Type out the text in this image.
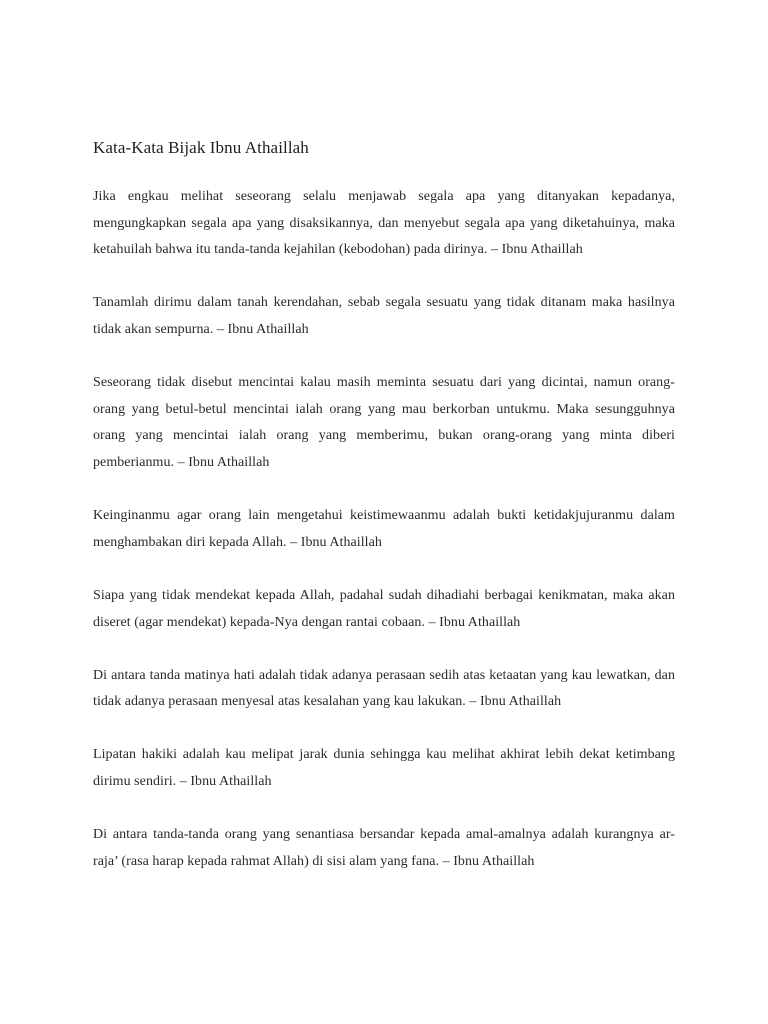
Kata-Kata Bijak Ibnu Athaillah

Jika engkau melihat seseorang selalu menjawab segala apa yang ditanyakan kepadanya, mengungkapkan segala apa yang disaksikannya, dan menyebut segala apa yang diketahuinya, maka ketahuilah bahwa itu tanda-tanda kejahilan (kebodohan) pada dirinya. – Ibnu Athaillah

Tanamlah dirimu dalam tanah kerendahan, sebab segala sesuatu yang tidak ditanam maka hasilnya tidak akan sempurna. – Ibnu Athaillah

Seseorang tidak disebut mencintai kalau masih meminta sesuatu dari yang dicintai, namun orang-orang yang betul-betul mencintai ialah orang yang mau berkorban untukmu. Maka sesungguhnya orang yang mencintai ialah orang yang memberimu, bukan orang-orang yang minta diberi pemberianmu. – Ibnu Athaillah

Keinginanmu agar orang lain mengetahui keistimewaanmu adalah bukti ketidakjujuranmu dalam menghambakan diri kepada Allah. – Ibnu Athaillah

Siapa yang tidak mendekat kepada Allah, padahal sudah dihadiahi berbagai kenikmatan, maka akan diseret (agar mendekat) kepada-Nya dengan rantai cobaan. – Ibnu Athaillah

Di antara tanda matinya hati adalah tidak adanya perasaan sedih atas ketaatan yang kau lewatkan, dan tidak adanya perasaan menyesal atas kesalahan yang kau lakukan. – Ibnu Athaillah

Lipatan hakiki adalah kau melipat jarak dunia sehingga kau melihat akhirat lebih dekat ketimbang dirimu sendiri. – Ibnu Athaillah

Di antara tanda-tanda orang yang senantiasa bersandar kepada amal-amalnya adalah kurangnya ar-raja’ (rasa harap kepada rahmat Allah) di sisi alam yang fana. – Ibnu Athaillah
